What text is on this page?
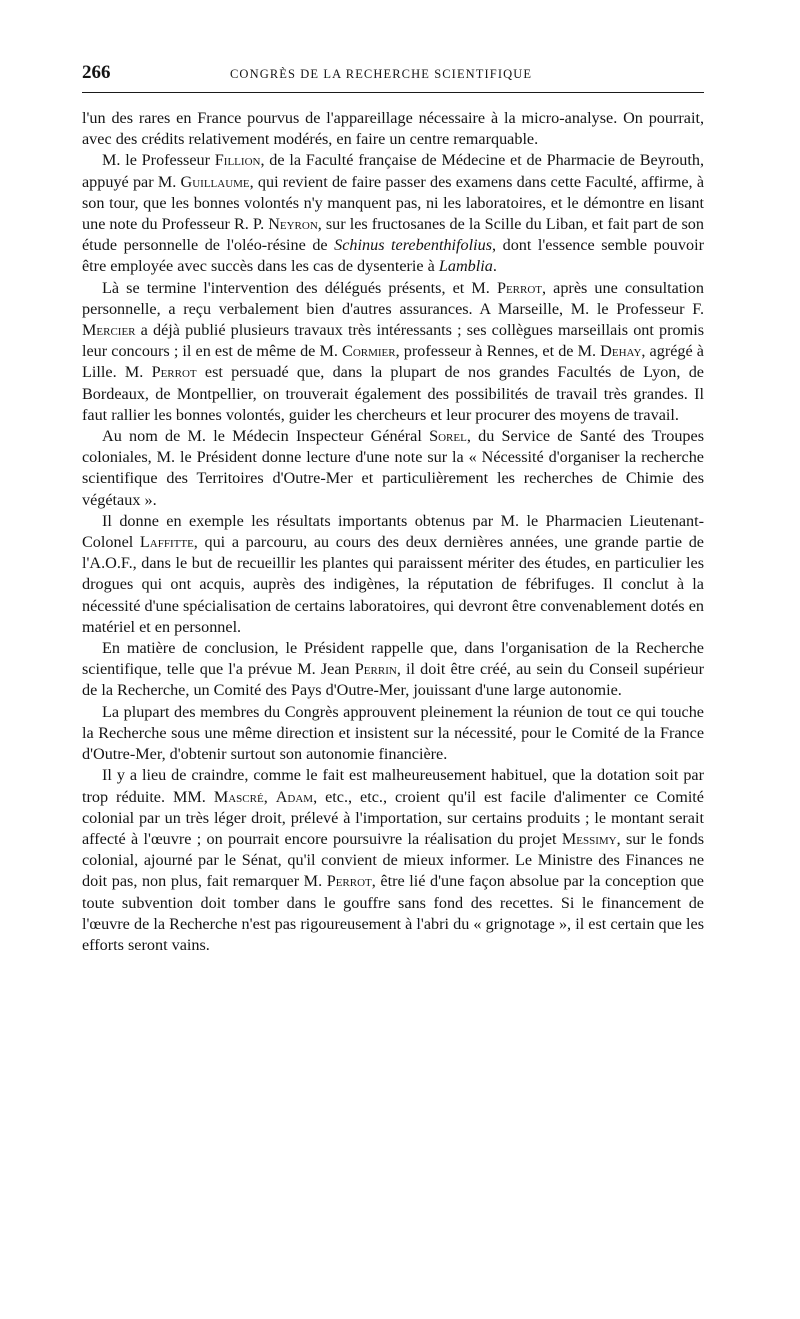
266	CONGRÈS DE LA RECHERCHE SCIENTIFIQUE

l'un des rares en France pourvus de l'appareillage nécessaire à la micro-analyse. On pourrait, avec des crédits relativement modérés, en faire un centre remarquable.

M. le Professeur Fillion, de la Faculté française de Médecine et de Pharmacie de Beyrouth, appuyé par M. Guillaume, qui revient de faire passer des examens dans cette Faculté, affirme, à son tour, que les bonnes volontés n'y manquent pas, ni les laboratoires, et le démontre en lisant une note du Professeur R. P. Neyron, sur les fructosanes de la Scille du Liban, et fait part de son étude personnelle de l'oléo-résine de Schinus terebenthifolius, dont l'essence semble pouvoir être employée avec succès dans les cas de dysenterie à Lamblia.

Là se termine l'intervention des délégués présents, et M. Perrot, après une consultation personnelle, a reçu verbalement bien d'autres assurances. A Marseille, M. le Professeur F. Mercier a déjà publié plusieurs travaux très intéressants ; ses collègues marseillais ont promis leur concours ; il en est de même de M. Cormier, professeur à Rennes, et de M. Dehay, agrégé à Lille. M. Perrot est persuadé que, dans la plupart de nos grandes Facultés de Lyon, de Bordeaux, de Montpellier, on trouverait également des possibilités de travail très grandes. Il faut rallier les bonnes volontés, guider les chercheurs et leur procurer des moyens de travail.

Au nom de M. le Médecin Inspecteur Général Sorel, du Service de Santé des Troupes coloniales, M. le Président donne lecture d'une note sur la « Nécessité d'organiser la recherche scientifique des Territoires d'Outre-Mer et particulièrement les recherches de Chimie des végétaux ».

Il donne en exemple les résultats importants obtenus par M. le Pharmacien Lieutenant-Colonel Laffitte, qui a parcouru, au cours des deux dernières années, une grande partie de l'A.O.F., dans le but de recueillir les plantes qui paraissent mériter des études, en particulier les drogues qui ont acquis, auprès des indigènes, la réputation de fébrifuges. Il conclut à la nécessité d'une spécialisation de certains laboratoires, qui devront être convenablement dotés en matériel et en personnel.

En matière de conclusion, le Président rappelle que, dans l'organisation de la Recherche scientifique, telle que l'a prévue M. Jean Perrin, il doit être créé, au sein du Conseil supérieur de la Recherche, un Comité des Pays d'Outre-Mer, jouissant d'une large autonomie.

La plupart des membres du Congrès approuvent pleinement la réunion de tout ce qui touche la Recherche sous une même direction et insistent sur la nécessité, pour le Comité de la France d'Outre-Mer, d'obtenir surtout son autonomie financière.

Il y a lieu de craindre, comme le fait est malheureusement habituel, que la dotation soit par trop réduite. MM. Mascré, Adam, etc., etc., croient qu'il est facile d'alimenter ce Comité colonial par un très léger droit, prélevé à l'importation, sur certains produits ; le montant serait affecté à l'œuvre ; on pourrait encore poursuivre la réalisation du projet Messimy, sur le fonds colonial, ajourné par le Sénat, qu'il convient de mieux informer. Le Ministre des Finances ne doit pas, non plus, fait remarquer M. Perrot, être lié d'une façon absolue par la conception que toute subvention doit tomber dans le gouffre sans fond des recettes. Si le financement de l'œuvre de la Recherche n'est pas rigoureusement à l'abri du « grignotage », il est certain que les efforts seront vains.
